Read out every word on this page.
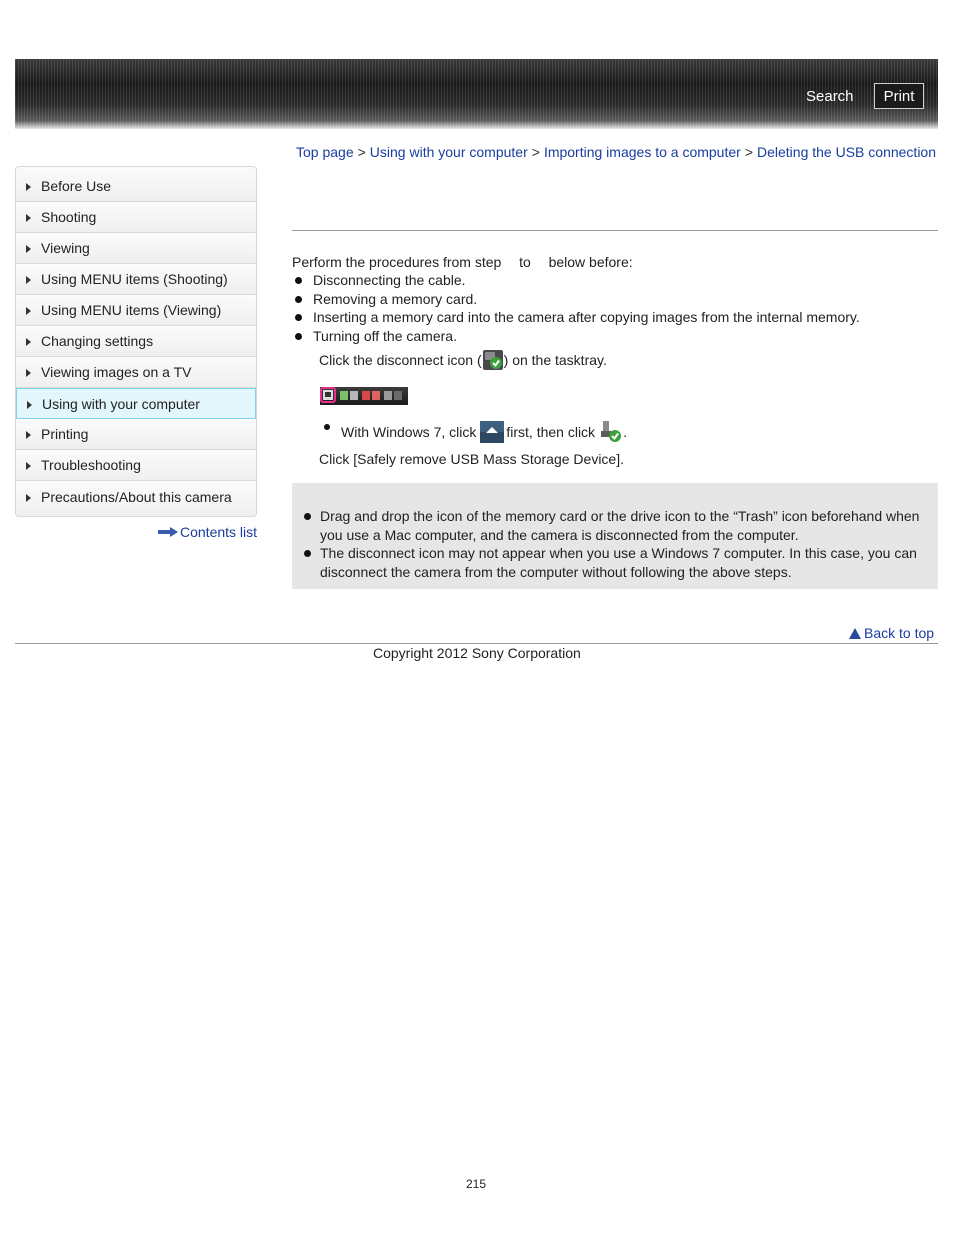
Search	Print
Top page > Using with your computer > Importing images to a computer > Deleting the USB connection
Before Use
Shooting
Viewing
Using MENU items (Shooting)
Using MENU items (Viewing)
Changing settings
Viewing images on a TV
Using with your computer
Printing
Troubleshooting
Precautions/About this camera
Contents list
Perform the procedures from step to below before:
Disconnecting the cable.
Removing a memory card.
Inserting a memory card into the camera after copying images from the internal memory.
Turning off the camera.
Click the disconnect icon ( ) on the tasktray.
With Windows 7, click first, then click .
Click [Safely remove USB Mass Storage Device].
Drag and drop the icon of the memory card or the drive icon to the “Trash” icon beforehand when you use a Mac computer, and the camera is disconnected from the computer.
The disconnect icon may not appear when you use a Windows 7 computer. In this case, you can disconnect the camera from the computer without following the above steps.
Back to top
Copyright 2012 Sony Corporation
215
